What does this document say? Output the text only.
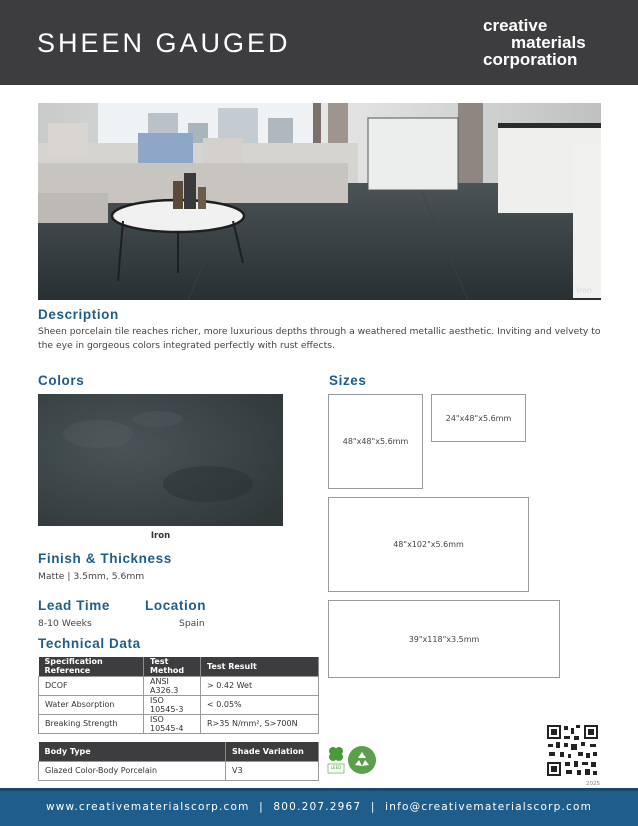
SHEEN GAUGED
creative
materials
corporation
Iron
Description

Sheen porcelain tile reaches richer, more luxurious depths through a weathered metallic aesthetic. Inviting and velvety to the eye in gorgeous colors integrated perfectly with rust effects.

Colors
Iron
Sizes
48"x48"x5.6mm
24"x48"x5.6mm
48"x102"x5.6mm
39"x118"x3.5mm
Finish & Thickness

Matte | 3.5mm, 5.6mm

Lead Time

8-10 Weeks

Location

Spain

Technical Data
Specification Reference	Test Method	Test Result
DCOF	ANSI A326.3	> 0.42 Wet
Water Absorption	ISO 10545-3	< 0.05%
Breaking Strength	ISO 10545-4	R>35 N/mm², S>700N
Body Type	Shade Variation
Glazed Color-Body Porcelain	V3	LEED
2025
www.creativematerialscorp.com | 800.207.2967 | info@creativematerialscorp.com
